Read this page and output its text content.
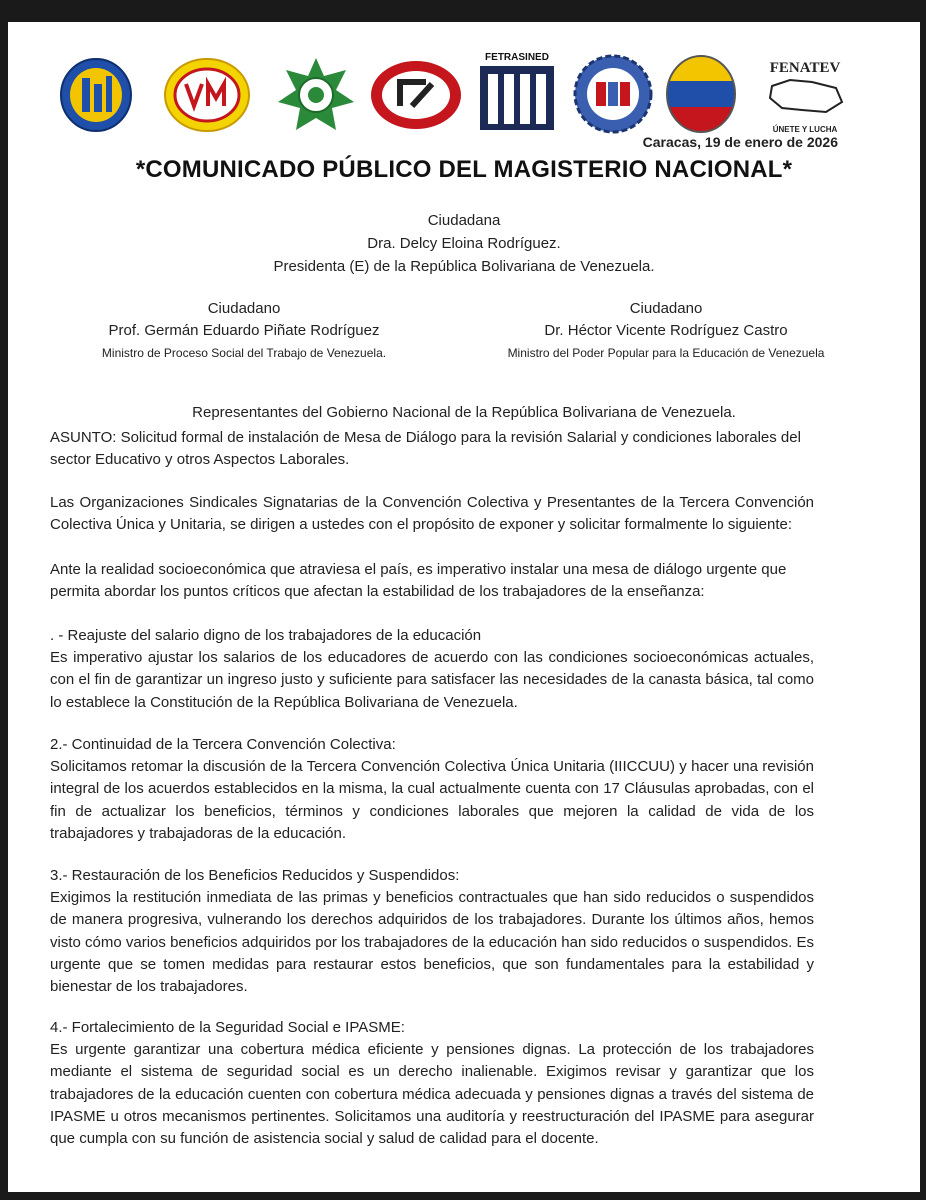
FETRASINED
FENATEV
ÚNETE Y LUCHA
Caracas, 19 de enero de 2026
*COMUNICADO PÚBLICO DEL MAGISTERIO NACIONAL*
Ciudadana
Dra. Delcy Eloina Rodríguez.
Presidenta (E) de la República Bolivariana de Venezuela.
Ciudadano
Prof. Germán Eduardo Piñate Rodríguez
Ministro de Proceso Social del Trabajo de Venezuela.
Ciudadano
Dr. Héctor Vicente Rodríguez Castro
Ministro del Poder Popular para la Educación de Venezuela
Representantes del Gobierno Nacional de la República Bolivariana de Venezuela.
ASUNTO: Solicitud formal de instalación de Mesa de Diálogo para la revisión Salarial y condiciones laborales del sector Educativo y otros Aspectos Laborales.
Las Organizaciones Sindicales Signatarias de la Convención Colectiva y Presentantes de la Tercera Convención Colectiva Única y Unitaria, se dirigen a ustedes con el propósito de exponer y solicitar formalmente lo siguiente:
Ante la realidad socioeconómica que atraviesa el país, es imperativo instalar una mesa de diálogo urgente que permita abordar los puntos críticos que afectan la estabilidad de los trabajadores de la enseñanza:

. - Reajuste del salario digno de los trabajadores de la educación

Es imperativo ajustar los salarios de los educadores de acuerdo con las condiciones socioeconómicas actuales, con el fin de garantizar un ingreso justo y suficiente para satisfacer las necesidades de la canasta básica, tal como lo establece la Constitución de la República Bolivariana de Venezuela.

2.- Continuidad de la Tercera Convención Colectiva:

Solicitamos retomar la discusión de la Tercera Convención Colectiva Única Unitaria (IIICCUU) y hacer una revisión integral de los acuerdos establecidos en la misma, la cual actualmente cuenta con 17 Cláusulas aprobadas, con el fin de actualizar los beneficios, términos y condiciones laborales que mejoren la calidad de vida de los trabajadores y trabajadoras de la educación.

3.- Restauración de los Beneficios Reducidos y Suspendidos:

Exigimos la restitución inmediata de las primas y beneficios contractuales que han sido reducidos o suspendidos de manera progresiva, vulnerando los derechos adquiridos de los trabajadores. Durante los últimos años, hemos visto cómo varios beneficios adquiridos por los trabajadores de la educación han sido reducidos o suspendidos. Es urgente que se tomen medidas para restaurar estos beneficios, que son fundamentales para la estabilidad y bienestar de los trabajadores.

4.- Fortalecimiento de la Seguridad Social e IPASME:

Es urgente garantizar una cobertura médica eficiente y pensiones dignas. La protección de los trabajadores mediante el sistema de seguridad social es un derecho inalienable. Exigimos revisar y garantizar que los trabajadores de la educación cuenten con cobertura médica adecuada y pensiones dignas a través del sistema de IPASME u otros mecanismos pertinentes. Solicitamos una auditoría y reestructuración del IPASME para asegurar que cumpla con su función de asistencia social y salud de calidad para el docente.
